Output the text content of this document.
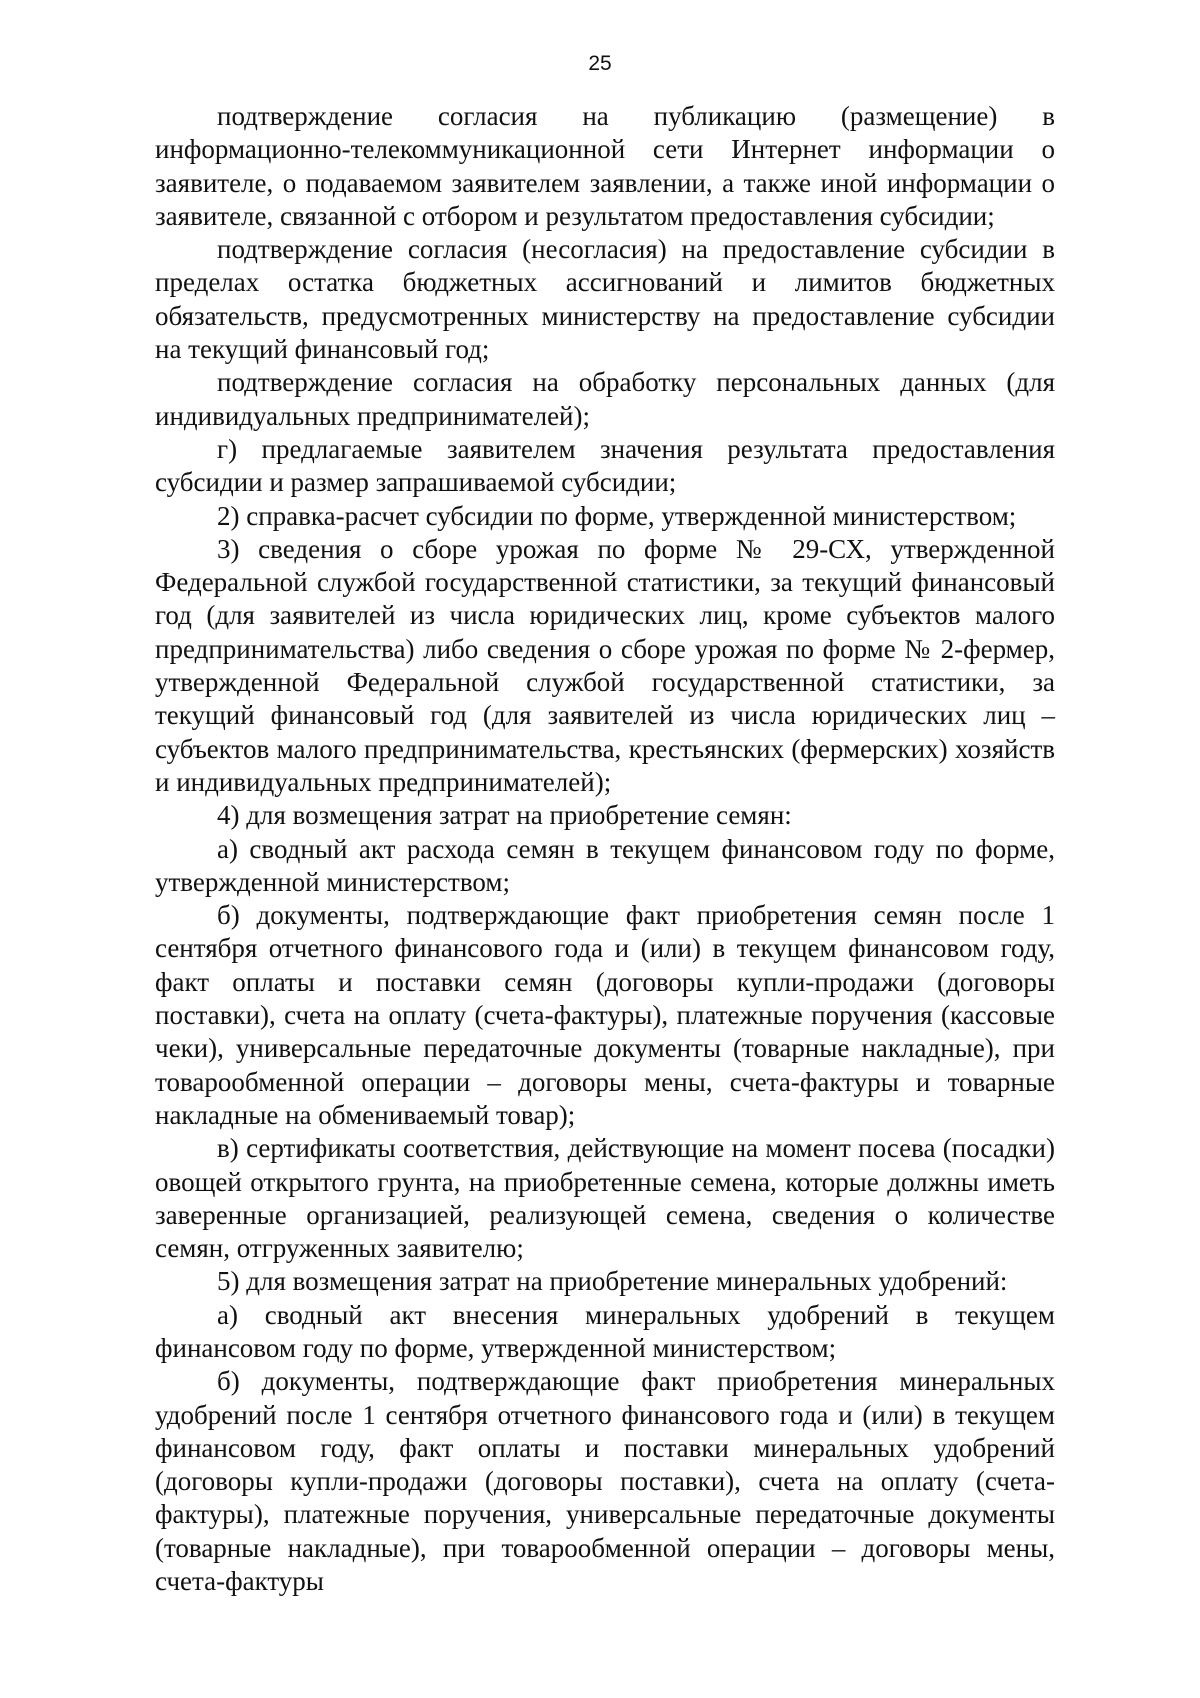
25

подтверждение согласия на публикацию (размещение) в информационно-телекоммуникационной сети Интернет информации о заявителе, о подаваемом заявителем заявлении, а также иной информации о заявителе, связанной с отбором и результатом предоставления субсидии;

подтверждение согласия (несогласия) на предоставление субсидии в пределах остатка бюджетных ассигнований и лимитов бюджетных обязательств, предусмотренных министерству на предоставление субсидии на текущий финансовый год;

подтверждение согласия на обработку персональных данных (для индивидуальных предпринимателей);

г) предлагаемые заявителем значения результата предоставления субсидии и размер запрашиваемой субсидии;

2) справка-расчет субсидии по форме, утвержденной министерством;

3) сведения о сборе урожая по форме № 29-СХ, утвержденной Федеральной службой государственной статистики, за текущий финансовый год (для заявителей из числа юридических лиц, кроме субъектов малого предпринимательства) либо сведения о сборе урожая по форме № 2-фермер, утвержденной Федеральной службой государственной статистики, за текущий финансовый год (для заявителей из числа юридических лиц – субъектов малого предпринимательства, крестьянских (фермерских) хозяйств и индивидуальных предпринимателей);

4) для возмещения затрат на приобретение семян:

а) сводный акт расхода семян в текущем финансовом году по форме, утвержденной министерством;

б) документы, подтверждающие факт приобретения семян после 1 сентября отчетного финансового года и (или) в текущем финансовом году, факт оплаты и поставки семян (договоры купли-продажи (договоры поставки), счета на оплату (счета-фактуры), платежные поручения (кассовые чеки), универсальные передаточные документы (товарные накладные), при товарообменной операции – договоры мены, счета-фактуры и товарные накладные на обмениваемый товар);

в) сертификаты соответствия, действующие на момент посева (посадки) овощей открытого грунта, на приобретенные семена, которые должны иметь заверенные организацией, реализующей семена, сведения о количестве семян, отгруженных заявителю;

5) для возмещения затрат на приобретение минеральных удобрений:

а) сводный акт внесения минеральных удобрений в текущем финансовом году по форме, утвержденной министерством;

б) документы, подтверждающие факт приобретения минеральных удобрений после 1 сентября отчетного финансового года и (или) в текущем финансовом году, факт оплаты и поставки минеральных удобрений (договоры купли-продажи (договоры поставки), счета на оплату (счета-фактуры), платежные поручения, универсальные передаточные документы (товарные накладные), при товарообменной операции – договоры мены, счета-фактуры
